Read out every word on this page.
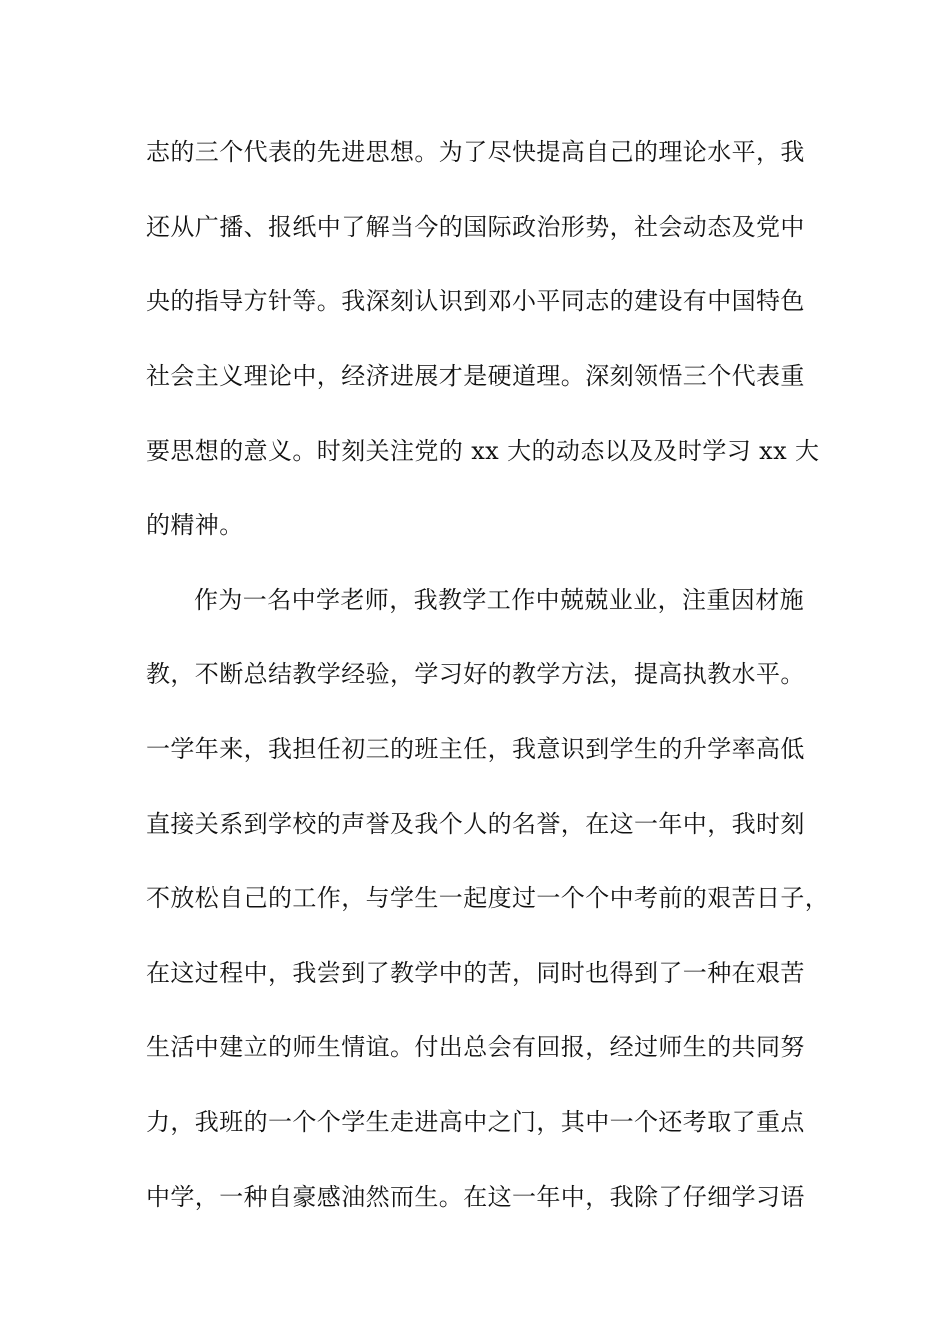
志的三个代表的先进思想。为了尽快提高自己的理论水平，我
还从广播、报纸中了解当今的国际政治形势，社会动态及党中
央的指导方针等。我深刻认识到邓小平同志的建设有中国特色
社会主义理论中，经济进展才是硬道理。深刻领悟三个代表重
要思想的意义。时刻关注党的 xx 大的动态以及及时学习 xx 大
的精神。
作为一名中学老师，我教学工作中兢兢业业，注重因材施
教，不断总结教学经验，学习好的教学方法，提高执教水平。
一学年来，我担任初三的班主任，我意识到学生的升学率高低
直接关系到学校的声誉及我个人的名誉，在这一年中，我时刻
不放松自己的工作，与学生一起度过一个个中考前的艰苦日子，
在这过程中，我尝到了教学中的苦，同时也得到了一种在艰苦
生活中建立的师生情谊。付出总会有回报，经过师生的共同努
力，我班的一个个学生走进高中之门，其中一个还考取了重点
中学，一种自豪感油然而生。在这一年中，我除了仔细学习语
